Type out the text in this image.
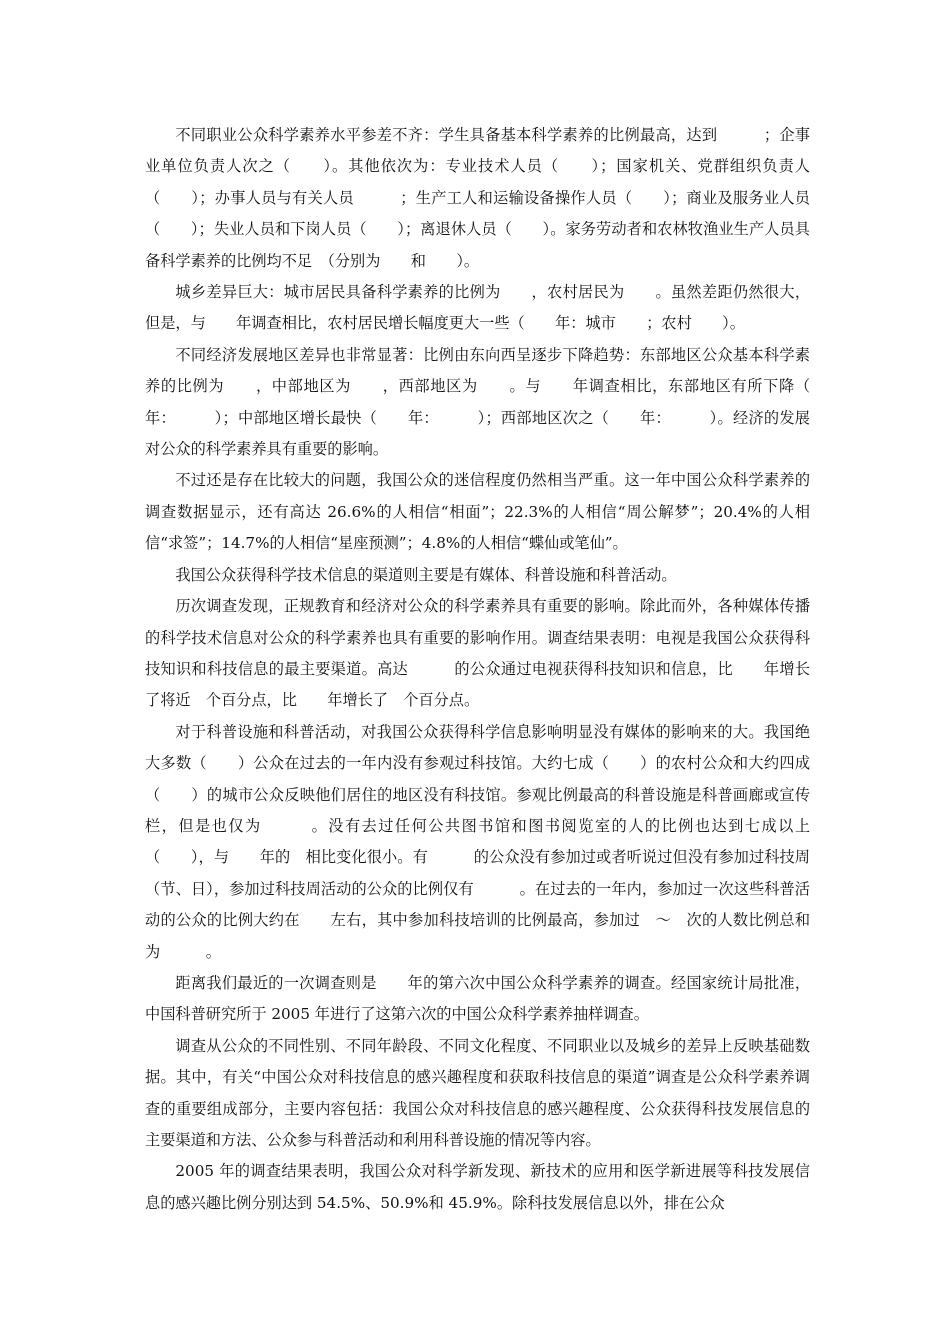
不同职业公众科学素养水平参差不齐：学生具备基本科学素养的比例最高，达到　　　；企事业单位负责人次之（　　）。其他依次为：专业技术人员（　　）；国家机关、党群组织负责人（　　）；办事人员与有关人员　　　；生产工人和运输设备操作人员（　　）；商业及服务业人员（　　）；失业人员和下岗人员（　　）；离退休人员（　　）。家务劳动者和农林牧渔业生产人员具备科学素养的比例均不足　（分别为　　和　　）。

城乡差异巨大：城市居民具备科学素养的比例为　　，农村居民为　　。虽然差距仍然很大，但是，与　　年调查相比，农村居民增长幅度更大一些（　　年：城市　　；农村　　）。

不同经济发展地区差异也非常显著：比例由东向西呈逐步下降趋势：东部地区公众基本科学素养的比例为　　，中部地区为　　，西部地区为　　。与　　年调查相比，东部地区有所下降（　　年：　　　）；中部地区增长最快（　　年：　　　）；西部地区次之（　　年：　　　）。经济的发展对公众的科学素养具有重要的影响。

不过还是存在比较大的问题，我国公众的迷信程度仍然相当严重。这一年中国公众科学素养的调查数据显示，还有高达 26.6%的人相信“相面”；22.3%的人相信“周公解梦”；20.4%的人相信“求签”；14.7%的人相信“星座预测”；4.8%的人相信“蝶仙或笔仙”。

我国公众获得科学技术信息的渠道则主要是有媒体、科普设施和科普活动。

历次调查发现，正规教育和经济对公众的科学素养具有重要的影响。除此而外，各种媒体传播的科学技术信息对公众的科学素养也具有重要的影响作用。调查结果表明：电视是我国公众获得科技知识和科技信息的最主要渠道。高达　　　的公众通过电视获得科技知识和信息，比　　年增长了将近　个百分点，比　　年增长了　个百分点。

对于科普设施和科普活动，对我国公众获得科学信息影响明显没有媒体的影响来的大。我国绝大多数（　　）公众在过去的一年内没有参观过科技馆。大约七成（　　）的农村公众和大约四成（　　）的城市公众反映他们居住的地区没有科技馆。参观比例最高的科普设施是科普画廊或宣传栏，但是也仅为　　　。没有去过任何公共图书馆和图书阅览室的人的比例也达到七成以上（　　），与　　年的　相比变化很小。有　　　的公众没有参加过或者听说过但没有参加过科技周（节、日），参加过科技周活动的公众的比例仅有　　　。在过去的一年内，参加过一次这些科普活动的公众的比例大约在　　左右，其中参加科技培训的比例最高，参加过　～　次的人数比例总和为　　　。

距离我们最近的一次调查则是　　年的第六次中国公众科学素养的调查。经国家统计局批准，中国科普研究所于 2005 年进行了这第六次的中国公众科学素养抽样调查。

调查从公众的不同性别、不同年龄段、不同文化程度、不同职业以及城乡的差异上反映基础数据。其中，有关“中国公众对科技信息的感兴趣程度和获取科技信息的渠道”调查是公众科学素养调查的重要组成部分，主要内容包括：我国公众对科技信息的感兴趣程度、公众获得科技发展信息的主要渠道和方法、公众参与科普活动和利用科普设施的情况等内容。

2005 年的调查结果表明，我国公众对科学新发现、新技术的应用和医学新进展等科技发展信息的感兴趣比例分别达到 54.5%、50.9%和 45.9%。除科技发展信息以外，排在公众
